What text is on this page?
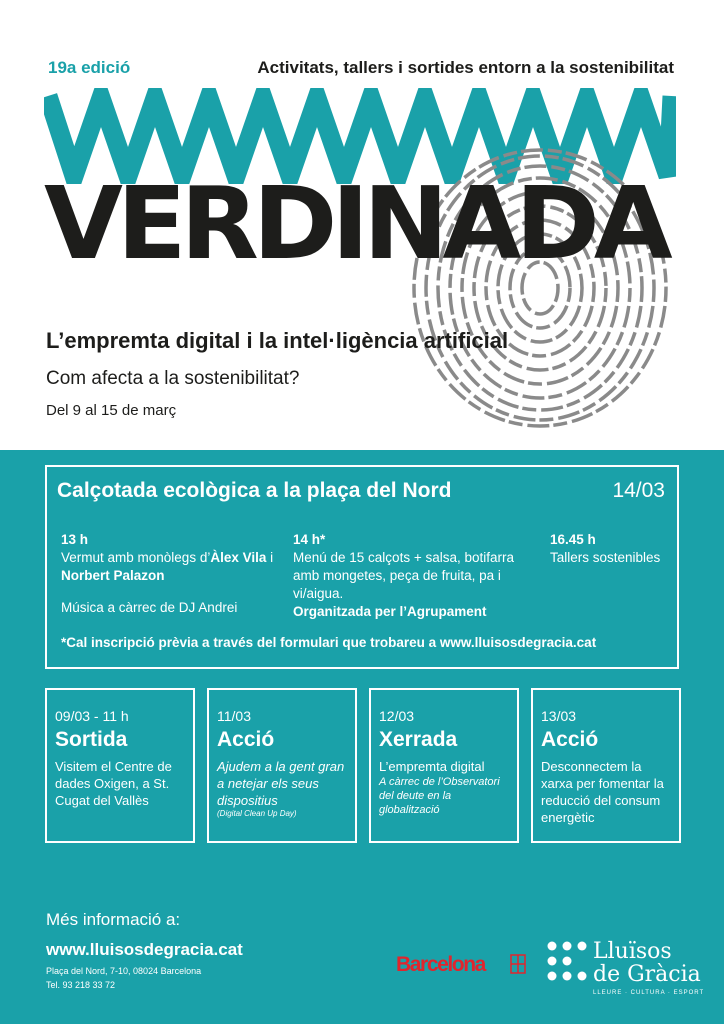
19a edició	Activitats, tallers i sortides entorn a la sostenibilitat
VERDINADA
L’empremta digital i la intel·ligència artificial
Com afecta a la sostenibilitat?
Del 9 al 15 de març
Calçotada ecològica a la plaça del Nord	14/03
13 h
Vermut amb monòlegs d’Àlex Vila i Norbert Palazon
Música a càrrec de DJ Andrei
14 h*
Menú de 15 calçots + salsa, botifarra amb mongetes, peça de fruita, pa i vi/aigua.
Organitzada per l’Agrupament
16.45 h
Tallers sostenibles
*Cal inscripció prèvia a través del formulari que trobareu a www.lluisosdegracia.cat
09/03 - 11 h
Sortida
Visitem el Centre de dades Oxigen, a St. Cugat del Vallès
11/03
Acció
Ajudem a la gent gran a netejar els seus dispositius
(Digital Clean Up Day)
12/03
Xerrada
L’empremta digital
A càrrec de l’Observatori del deute en la globalització
13/03
Acció
Desconnectem la xarxa per fomentar la reducció del consum energètic
Més informació a:
www.lluisosdegracia.cat
Plaça del Nord, 7-10, 08024 Barcelona
Tel. 93 218 33 72
Barcelona
Lluïsos
de Gràcia
LLEURE · CULTURA · ESPORT
